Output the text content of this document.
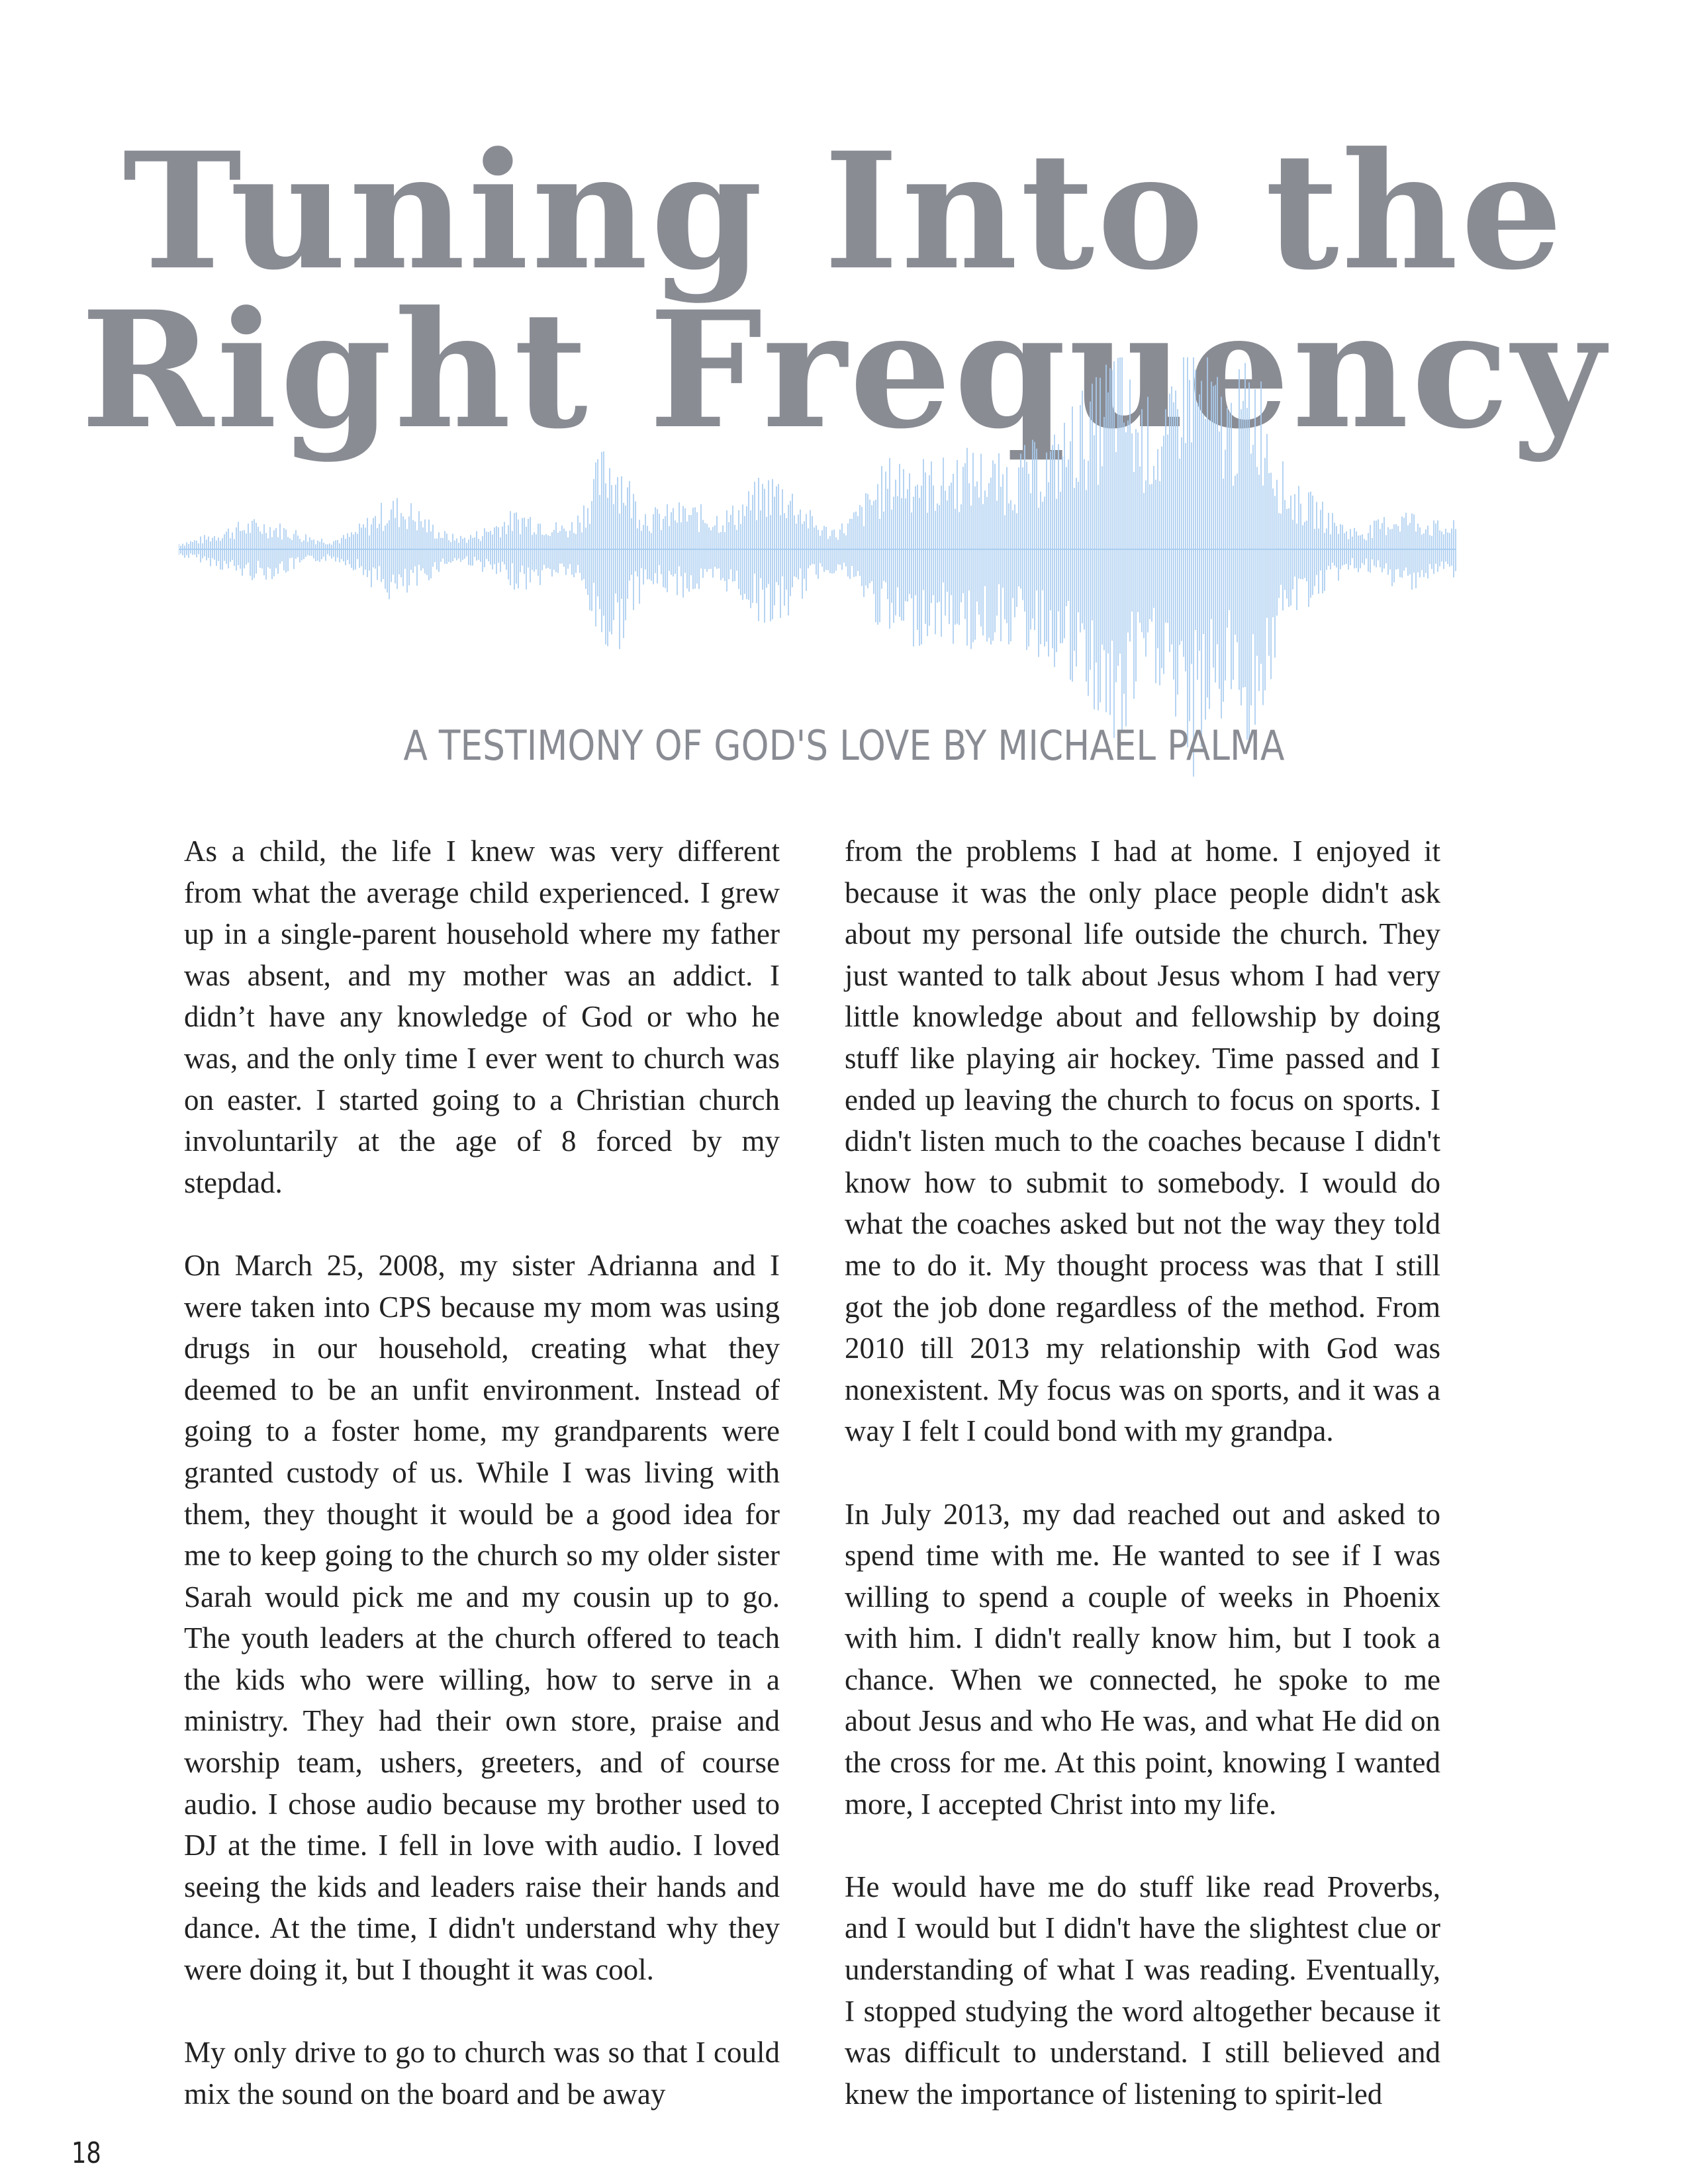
Tuning Into the
Right Frequency

A TESTIMONY OF GOD'S LOVE BY MICHAEL PALMA

As a child, the life I knew was very different from what the average child experienced. I grew up in a single-parent household where my father was absent, and my mother was an addict. I didn’t have any knowledge of God or who he was, and the only time I ever went to church was on easter. I started going to a Christian church involuntarily at the age of 8 forced by my stepdad.

On March 25, 2008, my sister Adrianna and I were taken into CPS because my mom was using drugs in our household, creating what they deemed to be an unfit environment. Instead of going to a foster home, my grandparents were granted custody of us. While I was living with them, they thought it would be a good idea for me to keep going to the church so my older sister Sarah would pick me and my cousin up to go. The youth leaders at the church offered to teach the kids who were willing, how to serve in a ministry. They had their own store, praise and worship team, ushers, greeters, and of course audio. I chose audio because my brother used to DJ at the time. I fell in love with audio. I loved seeing the kids and leaders raise their hands and dance. At the time, I didn't understand why they were doing it, but I thought it was cool.

My only drive to go to church was so that I could mix the sound on the board and be away

from the problems I had at home. I enjoyed it because it was the only place people didn't ask about my personal life outside the church. They just wanted to talk about Jesus whom I had very little knowledge about and fellowship by doing stuff like playing air hockey. Time passed and I ended up leaving the church to focus on sports. I didn't listen much to the coaches because I didn't know how to submit to somebody. I would do what the coaches asked but not the way they told me to do it. My thought process was that I still got the job done regardless of the method. From 2010 till 2013 my relationship with God was nonexistent. My focus was on sports, and it was a way I felt I could bond with my grandpa.

In July 2013, my dad reached out and asked to spend time with me. He wanted to see if I was willing to spend a couple of weeks in Phoenix with him. I didn't really know him, but I took a chance. When we connected, he spoke to me about Jesus and who He was, and what He did on the cross for me. At this point, knowing I wanted more, I accepted Christ into my life.

He would have me do stuff like read Proverbs, and I would but I didn't have the slightest clue or understanding of what I was reading. Eventually, I stopped studying the word altogether because it was difficult to understand. I still believed and knew the importance of listening to spirit-led

18
